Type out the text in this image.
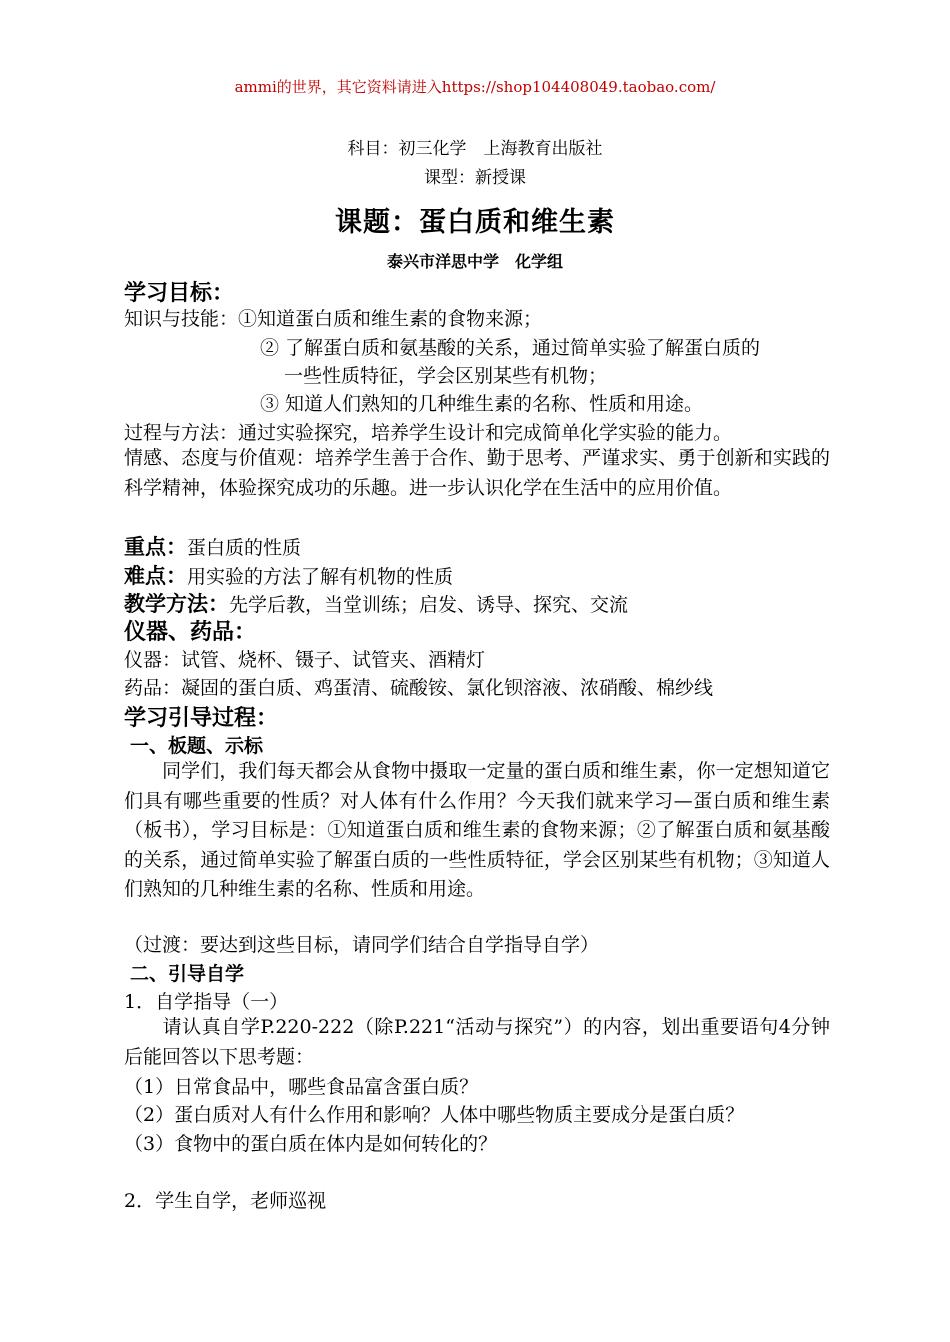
ammi的世界，其它资料请进入https://shop104408049.taobao.com/
科目：初三化学　上海教育出版社
课型：新授课
课题：蛋白质和维生素
泰兴市洋思中学　化学组
学习目标：
知识与技能：①知道蛋白质和维生素的食物来源；
② 了解蛋白质和氨基酸的关系，通过简单实验了解蛋白质的
一些性质特征，学会区别某些有机物；
③ 知道人们熟知的几种维生素的名称、性质和用途。
过程与方法：通过实验探究，培养学生设计和完成简单化学实验的能力。
情感、态度与价值观：培养学生善于合作、勤于思考、严谨求实、勇于创新和实践的科学精神，体验探究成功的乐趣。进一步认识化学在生活中的应用价值。
重点：蛋白质的性质
难点：用实验的方法了解有机物的性质
教学方法：先学后教，当堂训练；启发、诱导、探究、交流
仪器、药品：
仪器：试管、烧杯、镊子、试管夹、酒精灯
药品：凝固的蛋白质、鸡蛋清、硫酸铵、氯化钡溶液、浓硝酸、棉纱线
学习引导过程：
一、板题、示标
同学们，我们每天都会从食物中摄取一定量的蛋白质和维生素，你一定想知道它们具有哪些重要的性质？对人体有什么作用？今天我们就来学习—蛋白质和维生素（板书），学习目标是：①知道蛋白质和维生素的食物来源；②了解蛋白质和氨基酸的关系，通过简单实验了解蛋白质的一些性质特征，学会区别某些有机物；③知道人们熟知的几种维生素的名称、性质和用途。
（过渡：要达到这些目标，请同学们结合自学指导自学）
二、引导自学
1．自学指导（一）
请认真自学P.220-222（除P.221“活动与探究”）的内容，划出重要语句4分钟后能回答以下思考题：
（1）日常食品中，哪些食品富含蛋白质？
（2）蛋白质对人有什么作用和影响？人体中哪些物质主要成分是蛋白质？
（3）食物中的蛋白质在体内是如何转化的？
2．学生自学，老师巡视
